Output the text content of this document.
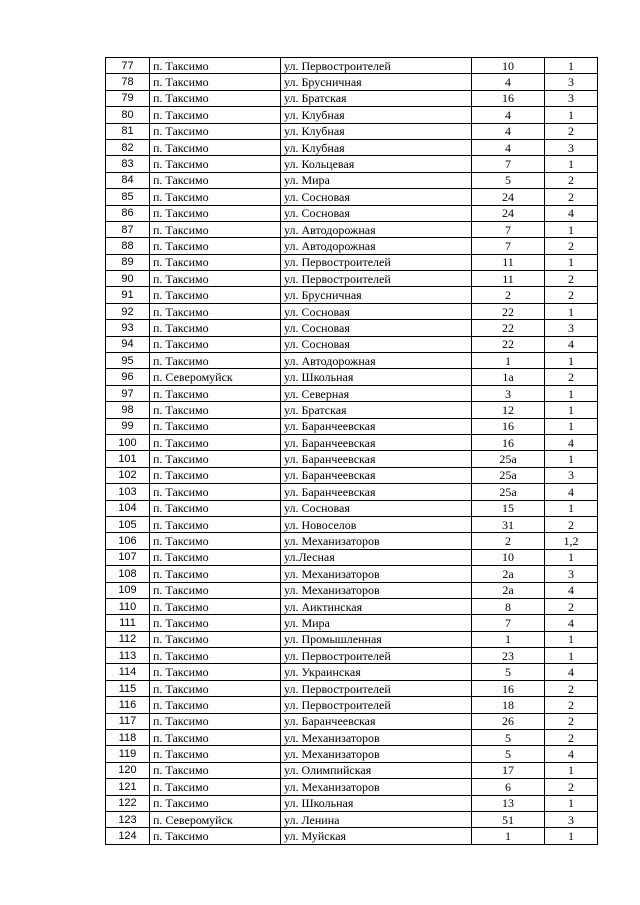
77	п. Таксимо	ул. Первостроителей	10	1
78	п. Таксимо	ул. Брусничная	4	3
79	п. Таксимо	ул. Братская	16	3
80	п. Таксимо	ул. Клубная	4	1
81	п. Таксимо	ул. Клубная	4	2
82	п. Таксимо	ул. Клубная	4	3
83	п. Таксимо	ул. Кольцевая	7	1
84	п. Таксимо	ул. Мира	5	2
85	п. Таксимо	ул. Сосновая	24	2
86	п. Таксимо	ул. Сосновая	24	4
87	п. Таксимо	ул. Автодорожная	7	1
88	п. Таксимо	ул. Автодорожная	7	2
89	п. Таксимо	ул. Первостроителей	11	1
90	п. Таксимо	ул. Первостроителей	11	2
91	п. Таксимо	ул. Брусничная	2	2
92	п. Таксимо	ул. Сосновая	22	1
93	п. Таксимо	ул. Сосновая	22	3
94	п. Таксимо	ул. Сосновая	22	4
95	п. Таксимо	ул. Автодорожная	1	1
96	п. Северомуйск	ул. Школьная	1а	2
97	п. Таксимо	ул. Северная	3	1
98	п. Таксимо	ул. Братская	12	1
99	п. Таксимо	ул. Баранчеевская	16	1
100	п. Таксимо	ул. Баранчеевская	16	4
101	п. Таксимо	ул. Баранчеевская	25а	1
102	п. Таксимо	ул. Баранчеевская	25а	3
103	п. Таксимо	ул. Баранчеевская	25а	4
104	п. Таксимо	ул. Сосновая	15	1
105	п. Таксимо	ул. Новоселов	31	2
106	п. Таксимо	ул. Механизаторов	2	1,2
107	п. Таксимо	ул.Лесная	10	1
108	п. Таксимо	ул. Механизаторов	2а	3
109	п. Таксимо	ул. Механизаторов	2а	4
110	п. Таксимо	ул. Аиктинская	8	2
111	п. Таксимо	ул. Мира	7	4
112	п. Таксимо	ул. Промышленная	1	1
113	п. Таксимо	ул. Первостроителей	23	1
114	п. Таксимо	ул. Украинская	5	4
115	п. Таксимо	ул. Первостроителей	16	2
116	п. Таксимо	ул. Первостроителей	18	2
117	п. Таксимо	ул. Баранчеевская	26	2
118	п. Таксимо	ул. Механизаторов	5	2
119	п. Таксимо	ул. Механизаторов	5	4
120	п. Таксимо	ул. Олимпийская	17	1
121	п. Таксимо	ул. Механизаторов	6	2
122	п. Таксимо	ул. Школьная	13	1
123	п. Северомуйск	ул. Ленина	51	3
124	п. Таксимо	ул. Муйская	1	1
